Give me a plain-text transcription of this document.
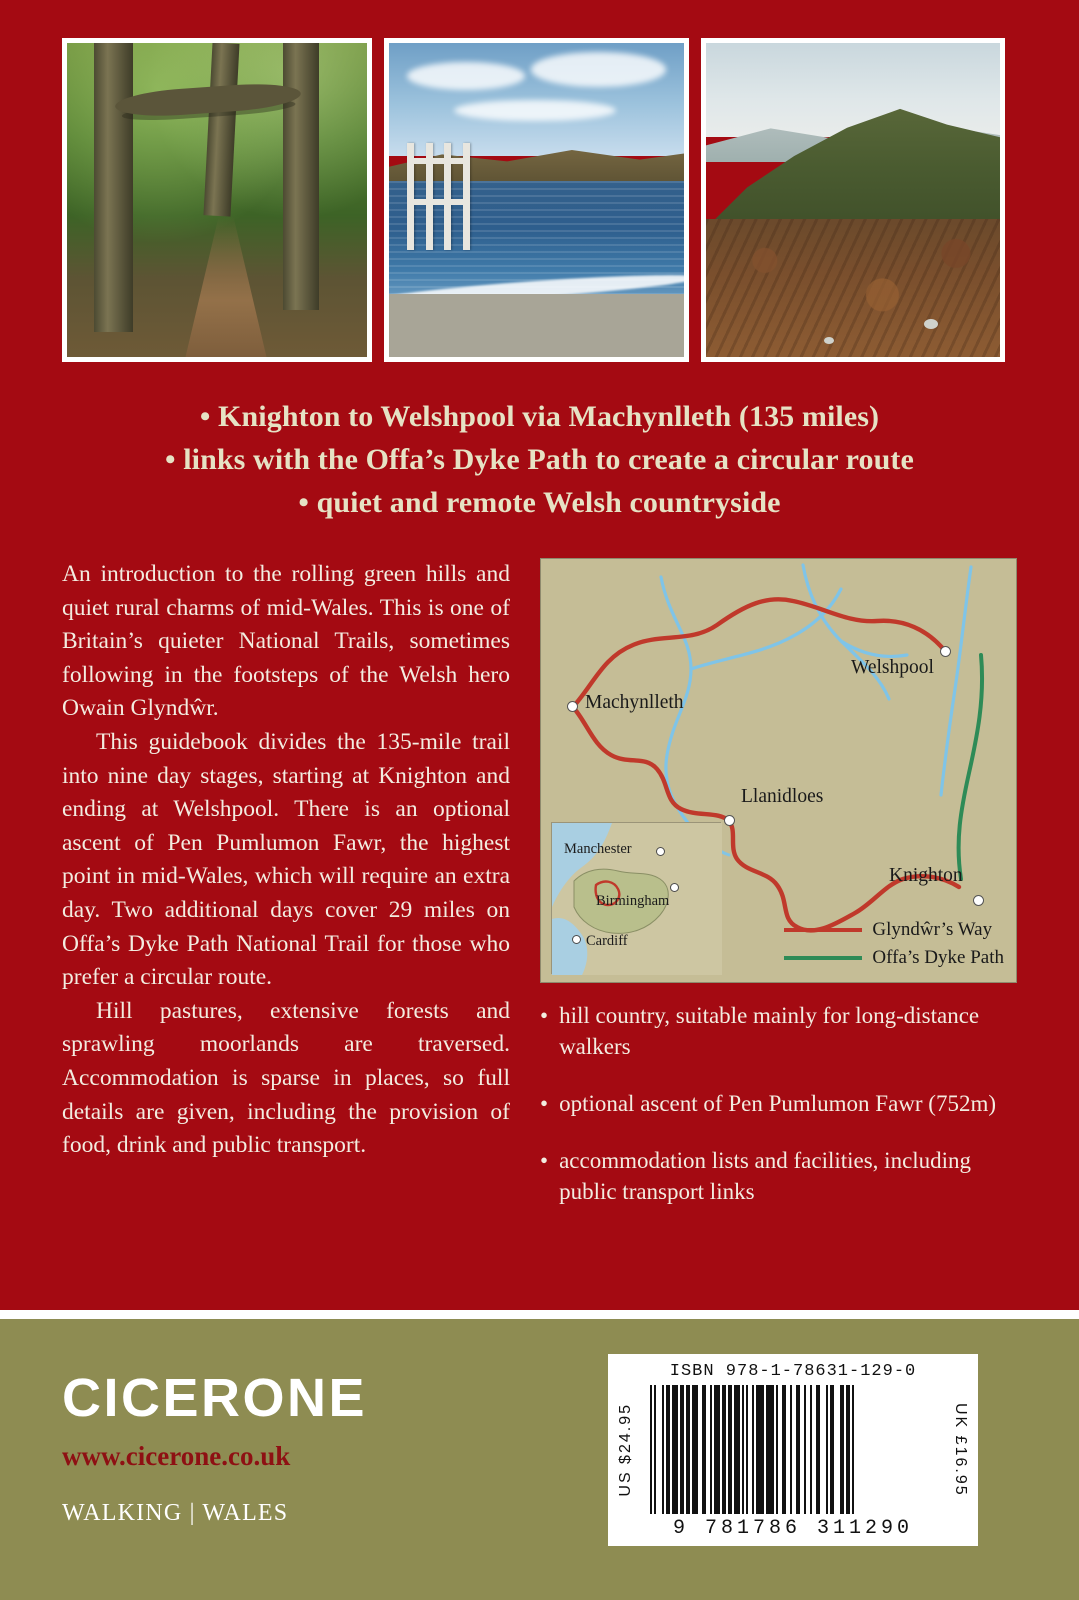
• Knighton to Welshpool via Machynlleth (135 miles)
• links with the Offa’s Dyke Path to create a circular route
• quiet and remote Welsh countryside

An introduction to the rolling green hills and quiet rural charms of mid-Wales. This is one of Britain’s quieter National Trails, sometimes following in the footsteps of the Welsh hero Owain Glyndŵr.

This guidebook divides the 135-mile trail into nine day stages, starting at Knighton and ending at Welshpool. There is an optional ascent of Pen Pumlumon Fawr, the highest point in mid-Wales, which will require an extra day. Two additional days cover 29 miles on Offa’s Dyke Path National Trail for those who prefer a circular route.

Hill pastures, extensive forests and sprawling moorlands are traversed. Accommodation is sparse in places, so full details are given, including the provision of food, drink and public transport.

Machynlleth
Welshpool
Llanidloes
Knighton
Manchester
Birmingham
Cardiff
Glyndŵr’s Way
Offa’s Dyke Path
• hill country, suitable mainly for long-distance walkers
• optional ascent of Pen Pumlumon Fawr (752m)
• accommodation lists and facilities, including public transport links
CICERONE
www.cicerone.co.uk
WALKING | WALES
US $24.95
ISBN 978-1-78631-129-0
9 781786 311290
UK £16.95
